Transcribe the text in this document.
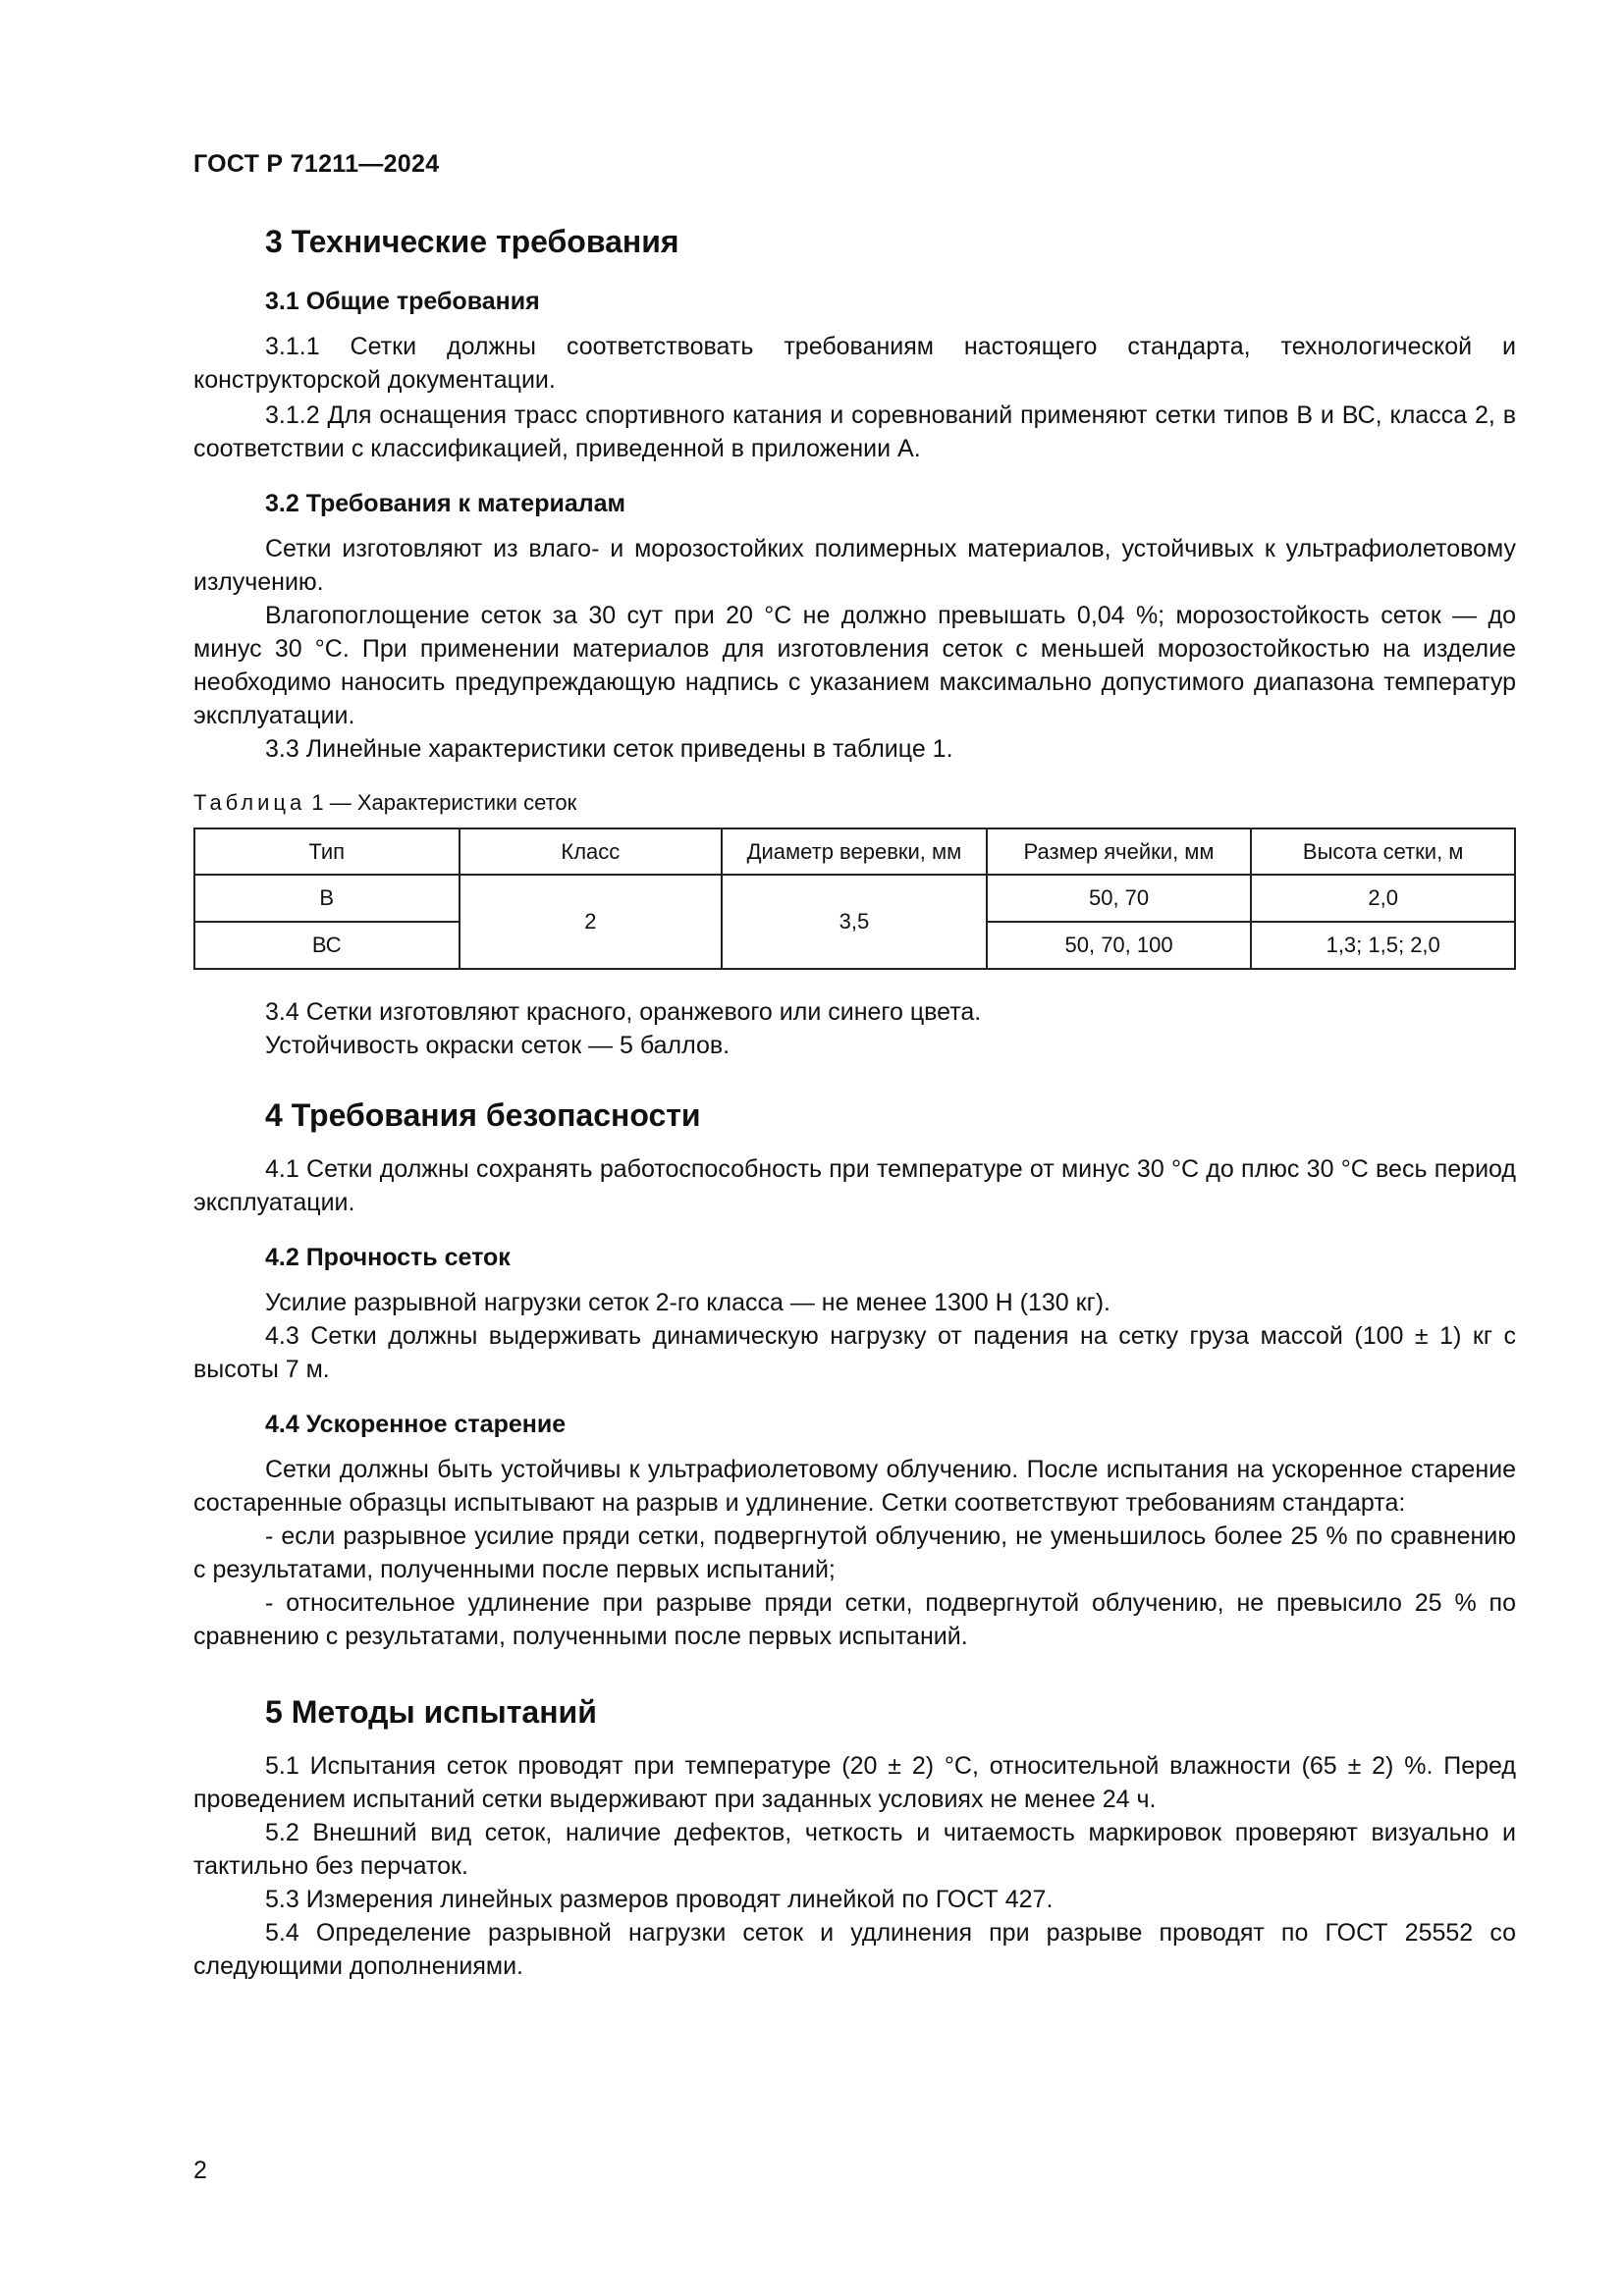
ГОСТ Р 71211—2024
3 Технические требования
3.1 Общие требования

3.1.1 Сетки должны соответствовать требованиям настоящего стандарта, технологической и конструкторской документации.

3.1.2 Для оснащения трасс спортивного катания и соревнований применяют сетки типов В и ВС, класса 2, в соответствии с классификацией, приведенной в приложении А.

3.2 Требования к материалам

Сетки изготовляют из влаго- и морозостойких полимерных материалов, устойчивых к ультрафиолетовому излучению.

Влагопоглощение сеток за 30 сут при 20 °С не должно превышать 0,04 %; морозостойкость сеток — до минус 30 °С. При применении материалов для изготовления сеток с меньшей морозостойкостью на изделие необходимо наносить предупреждающую надпись с указанием максимально допустимого диапазона температур эксплуатации.

3.3 Линейные характеристики сеток приведены в таблице 1.

Таблица 1 — Характеристики сеток

Тип	Класс	Диаметр веревки, мм	Размер ячейки, мм	Высота сетки, м
В	2	3,5	50, 70	2,0
ВС			50, 70, 100	1,3; 1,5; 2,0

3.4 Сетки изготовляют красного, оранжевого или синего цвета.

Устойчивость окраски сеток — 5 баллов.

4 Требования безопасности

4.1 Сетки должны сохранять работоспособность при температуре от минус 30 °С до плюс 30 °С весь период эксплуатации.

4.2 Прочность сеток

Усилие разрывной нагрузки сеток 2-го класса — не менее 1300 Н (130 кг).

4.3 Сетки должны выдерживать динамическую нагрузку от падения на сетку груза массой (100 ± 1) кг с высоты 7 м.

4.4 Ускоренное старение

Сетки должны быть устойчивы к ультрафиолетовому облучению. После испытания на ускоренное старение состаренные образцы испытывают на разрыв и удлинение. Сетки соответствуют требованиям стандарта:

- если разрывное усилие пряди сетки, подвергнутой облучению, не уменьшилось более 25 % по сравнению с результатами, полученными после первых испытаний;

- относительное удлинение при разрыве пряди сетки, подвергнутой облучению, не превысило 25 % по сравнению с результатами, полученными после первых испытаний.

5 Методы испытаний

5.1 Испытания сеток проводят при температуре (20 ± 2) °С, относительной влажности (65 ± 2) %. Перед проведением испытаний сетки выдерживают при заданных условиях не менее 24 ч.

5.2 Внешний вид сеток, наличие дефектов, четкость и читаемость маркировок проверяют визуально и тактильно без перчаток.

5.3 Измерения линейных размеров проводят линейкой по ГОСТ 427.

5.4 Определение разрывной нагрузки сеток и удлинения при разрыве проводят по ГОСТ 25552 со следующими дополнениями.

2
